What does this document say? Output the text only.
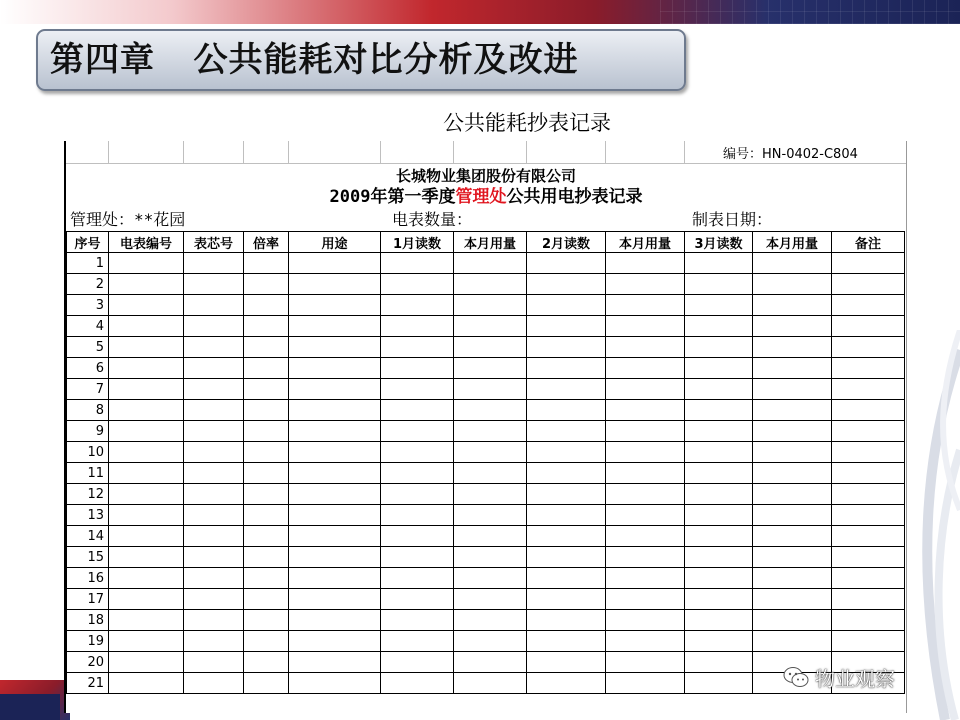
第四章   公共能耗对比分析及改进
公共能耗抄表记录
编号：HN-0402-C804
长城物业集团股份有限公司
2009年第一季度管理处公共用电抄表记录
管理处：**花园	电表数量：	制表日期：
序号	电表编号	表芯号	倍率	用途	1月读数	本月用量	2月读数	本月用量	3月读数	本月用量	备注
1											
2											
3											
4											
5											
6											
7											
8											
9											
10											
11											
12											
13											
14											
15											
16											
17											
18											
19											
20											
21												物业观察
